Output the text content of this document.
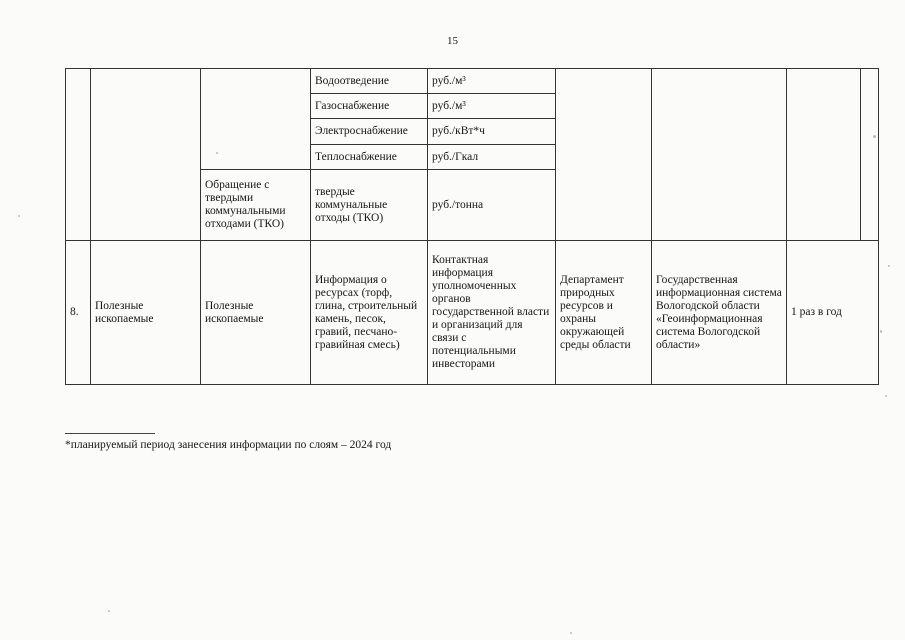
15
			Водоотведение	руб./м³				
			Газоснабжение	руб./м³				
			Электроснабжение	руб./кВт*ч				
			Теплоснабжение	руб./Гкал				
		Обращение с твердыми коммунальными отходами (ТКО)	твердые коммунальные отходы (ТКО)	руб./тонна				
8.	Полезные ископаемые	Полезные ископаемые	Информация о ресурсах (торф, глина, строительный камень, песок, гравий, песчано-гравийная смесь)	Контактная информация уполномоченных органов государственной власти и организаций для связи с потенциальными инвесторами	Департамент природных ресурсов и охраны окружающей среды области	Государственная информационная система Вологодской области «Геоинформационная система Вологодской области»	1 раз в год	
*планируемый период занесения информации по слоям – 2024 год
